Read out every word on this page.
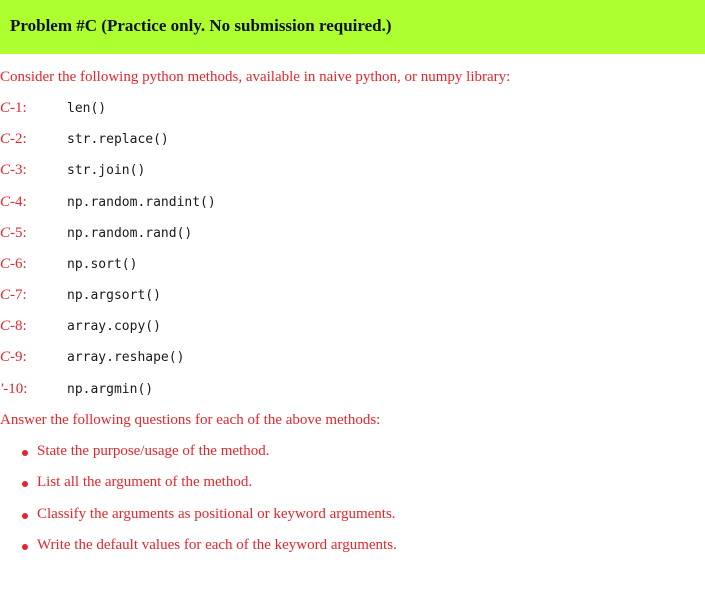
Problem #C (Practice only. No submission required.)
Consider the following python methods, available in naive python, or numpy library:
C-1:	len()
C-2:	str.replace()
C-3:	str.join()
C-4:	np.random.randint()
C-5:	np.random.rand()
C-6:	np.sort()
C-7:	np.argsort()
C-8:	array.copy()
C-9:	array.reshape()
'-10:	np.argmin()
Answer the following questions for each of the above methods:
State the purpose/usage of the method.
List all the argument of the method.
Classify the arguments as positional or keyword arguments.
Write the default values for each of the keyword arguments.
